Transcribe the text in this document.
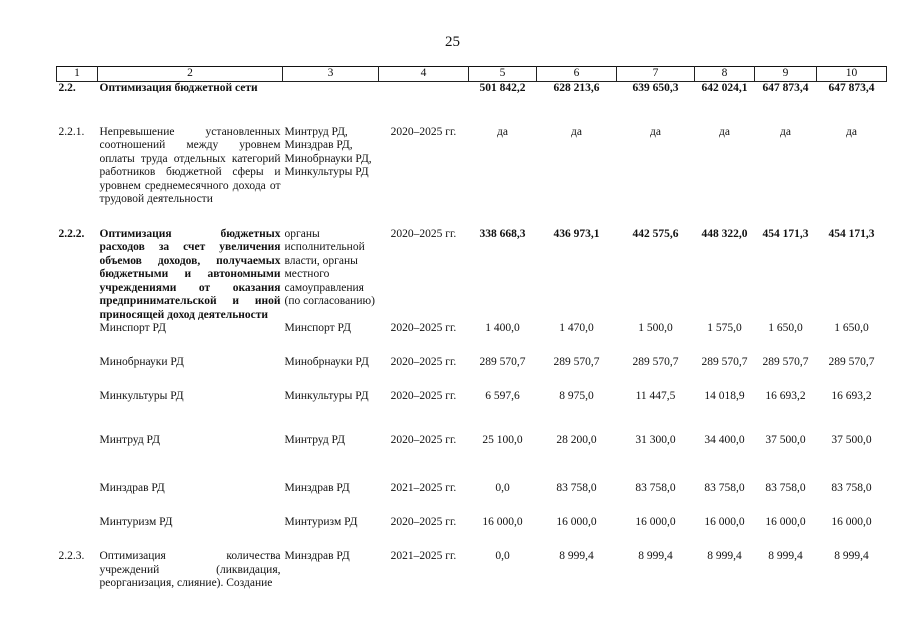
25
1	2	3	4	5	6	7	8	9	10
2.2.	Оптимизация бюджетной сети			501 842,2	628 213,6	639 650,3	642 024,1	647 873,4	647 873,4
2.2.1.	Непревышение установленных соотношений между уровнем оплаты труда отдельных категорий работников бюджетной сферы и уровнем среднемесячного дохода от трудовой деятельности	Минтруд РД, Минздрав РД, Минобрнауки РД, Минкультуры РД	2020–2025 гг.	да	да	да	да	да	да
2.2.2.	Оптимизация бюджетных расходов за счет увеличения объемов доходов, получаемых бюджетными и автономными учреждениями от оказания предпринимательской и иной приносящей доход деятельности	органы исполнительной власти, органы местного самоуправления (по согласованию)	2020–2025 гг.	338 668,3	436 973,1	442 575,6	448 322,0	454 171,3	454 171,3
	Минспорт РД	Минспорт РД	2020–2025 гг.	1 400,0	1 470,0	1 500,0	1 575,0	1 650,0	1 650,0
	Минобрнауки РД	Минобрнауки РД	2020–2025 гг.	289 570,7	289 570,7	289 570,7	289 570,7	289 570,7	289 570,7
	Минкультуры РД	Минкультуры РД	2020–2025 гг.	6 597,6	8 975,0	11 447,5	14 018,9	16 693,2	16 693,2
	Минтруд РД	Минтруд РД	2020–2025 гг.	25 100,0	28 200,0	31 300,0	34 400,0	37 500,0	37 500,0
	Минздрав РД	Минздрав РД	2021–2025 гг.	0,0	83 758,0	83 758,0	83 758,0	83 758,0	83 758,0
	Минтуризм РД	Минтуризм РД	2020–2025 гг.	16 000,0	16 000,0	16 000,0	16 000,0	16 000,0	16 000,0
2.2.3.	Оптимизация количества учреждений (ликвидация, реорганизация, слияние). Создание	Минздрав РД	2021–2025 гг.	0,0	8 999,4	8 999,4	8 999,4	8 999,4	8 999,4
